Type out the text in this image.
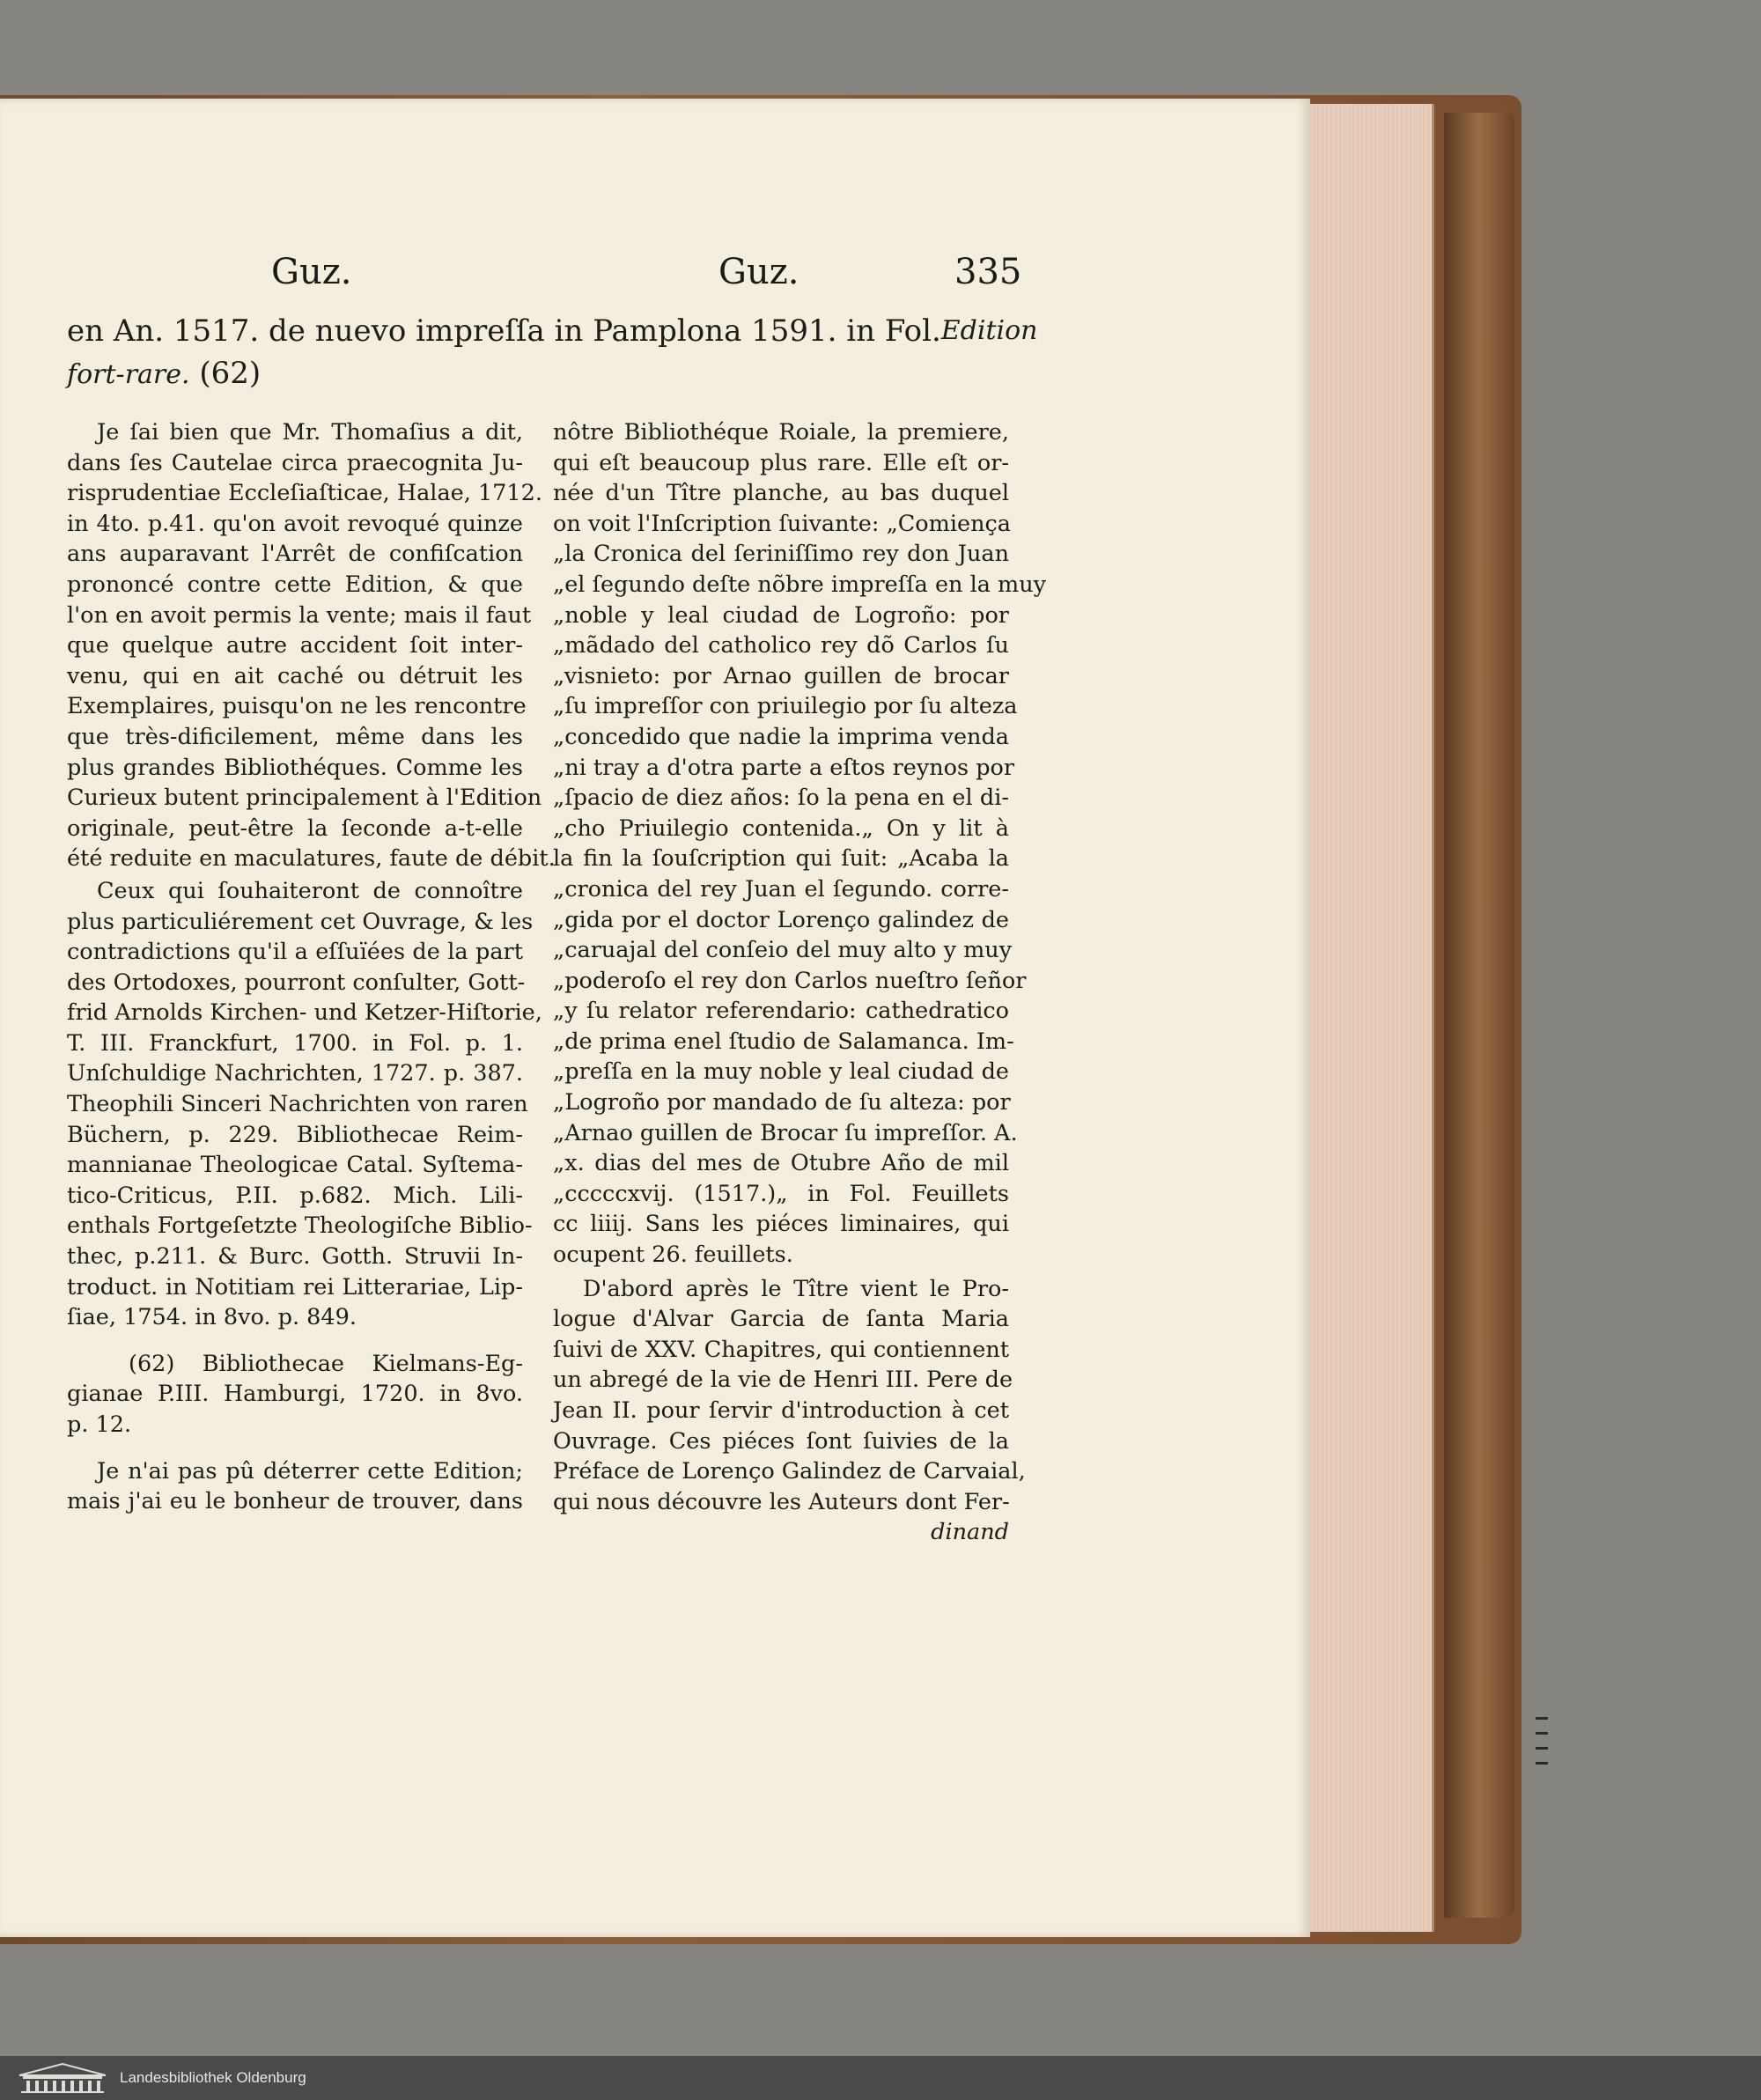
Guz.	Guz.	335
en An. 1517. de nuevo impreſſa in Pamplona 1591. in Fol. Edition
fort-rare. (62)
Je ſai bien que Mr. Thomaſius a dit,
dans ſes Cautelae circa praecognita Ju-
risprudentiae Eccleſiaſticae, Halae, 1712.
in 4to. p.41. qu'on avoit revoqué quinze
ans auparavant l'Arrêt de confiſcation
prononcé contre cette Edition, & que
l'on en avoit permis la vente; mais il faut
que quelque autre accident ſoit inter-
venu, qui en ait caché ou détruit les
Exemplaires, puisqu'on ne les rencontre
que très-dificilement, même dans les
plus grandes Bibliothéques. Comme les
Curieux butent principalement à l'Edition
originale, peut-être la ſeconde a-t-elle
été reduite en maculatures, faute de débit.
Ceux qui ſouhaiteront de connoître
plus particuliérement cet Ouvrage, & les
contradictions qu'il a eſſuïées de la part
des Ortodoxes, pourront conſulter, Gott-
frid Arnolds Kirchen- und Ketzer-Hiſtorie,
T. III. Franckfurt, 1700. in Fol. p. 1.
Unſchuldige Nachrichten, 1727. p. 387.
Theophili Sinceri Nachrichten von raren
Büchern, p. 229. Bibliothecae Reim-
mannianae Theologicae Catal. Syſtema-
tico-Criticus, P.II. p.682. Mich. Lili-
enthals Fortgeſetzte Theologiſche Biblio-
thec, p.211. & Burc. Gotth. Struvii In-
troduct. in Notitiam rei Litterariae, Lip-
ſiae, 1754. in 8vo. p. 849.
(62) Bibliothecae Kielmans-Eg-
gianae P.III. Hamburgi, 1720. in 8vo.
p. 12.
Je n'ai pas pû déterrer cette Edition;
mais j'ai eu le bonheur de trouver, dans
nôtre Bibliothéque Roiale, la premiere,
qui eſt beaucoup plus rare. Elle eſt or-
née d'un Tître planche, au bas duquel
on voit l'Inſcription ſuivante: „Comiença
„la Cronica del ſeriniſſimo rey don Juan
„el ſegundo deſte nõbre impreſſa en la muy
„noble y leal ciudad de Logroño: por
„mãdado del catholico rey dõ Carlos ſu
„visnieto: por Arnao guillen de brocar
„ſu impreſſor con priuilegio por ſu alteza
„concedido que nadie la imprima venda
„ni tray a d'otra parte a eſtos reynos por
„ſpacio de diez años: ſo la pena en el di-
„cho Priuilegio contenida.„ On y lit à
la fin la ſouſcription qui ſuit: „Acaba la
„cronica del rey Juan el ſegundo. corre-
„gida por el doctor Lorenço galindez de
„caruajal del conſeio del muy alto y muy
„poderoſo el rey don Carlos nueſtro ſeñor
„y ſu relator referendario: cathedratico
„de prima enel ſtudio de Salamanca. Im-
„preſſa en la muy noble y leal ciudad de
„Logroño por mandado de ſu alteza: por
„Arnao guillen de Brocar ſu impreſſor. A.
„x. dias del mes de Otubre Año de mil
„cccccxvij. (1517.)„ in Fol. Feuillets
cc liiij. Sans les piéces liminaires, qui
ocupent 26. feuillets.
D'abord après le Tître vient le Pro-
logue d'Alvar Garcia de ſanta Maria
ſuivi de XXV. Chapitres, qui contiennent
un abregé de la vie de Henri III. Pere de
Jean II. pour ſervir d'introduction à cet
Ouvrage. Ces piéces ſont ſuivies de la
Préface de Lorenço Galindez de Carvaial,
qui nous découvre les Auteurs dont Fer-
dinand
Landesbibliothek Oldenburg
